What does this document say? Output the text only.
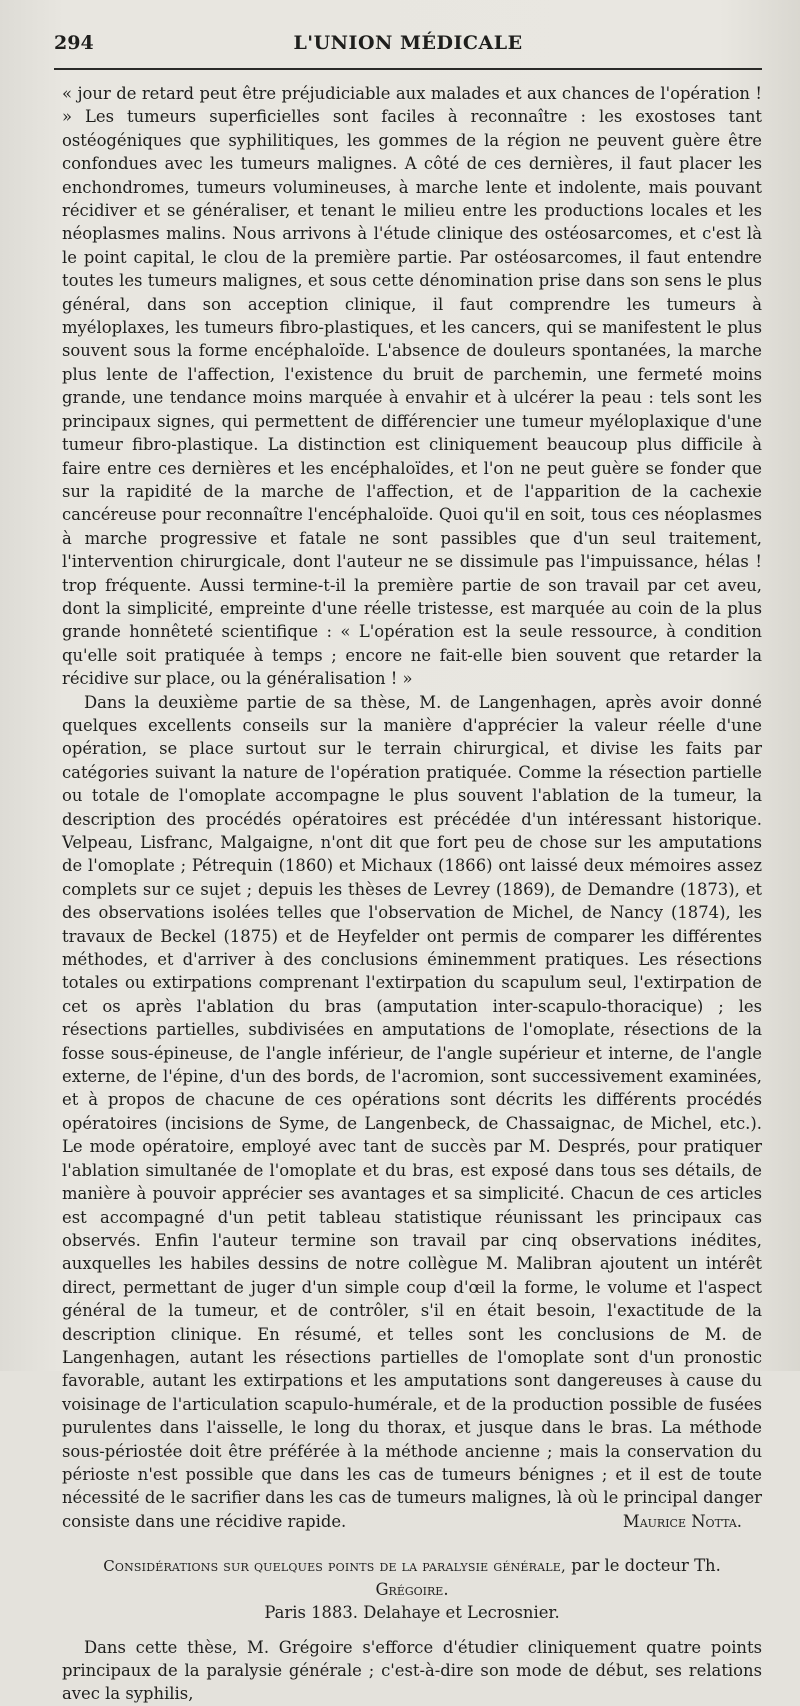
294	L'UNION MÉDICALE

« jour de retard peut être préjudiciable aux malades et aux chances de l'opération ! » Les tumeurs superficielles sont faciles à reconnaître : les exostoses tant ostéogéniques que syphilitiques, les gommes de la région ne peuvent guère être confondues avec les tumeurs malignes. A côté de ces dernières, il faut placer les enchondromes, tumeurs volumineuses, à marche lente et indolente, mais pouvant récidiver et se généraliser, et tenant le milieu entre les productions locales et les néoplasmes malins. Nous arrivons à l'étude clinique des ostéosarcomes, et c'est là le point capital, le clou de la première partie. Par ostéosarcomes, il faut entendre toutes les tumeurs malignes, et sous cette dénomination prise dans son sens le plus général, dans son acception clinique, il faut comprendre les tumeurs à myéloplaxes, les tumeurs fibro-plastiques, et les cancers, qui se manifestent le plus souvent sous la forme encéphaloïde. L'absence de douleurs spontanées, la marche plus lente de l'affection, l'existence du bruit de parchemin, une fermeté moins grande, une tendance moins marquée à envahir et à ulcérer la peau : tels sont les principaux signes, qui permettent de différencier une tumeur myéloplaxique d'une tumeur fibro-plastique. La distinction est cliniquement beaucoup plus difficile à faire entre ces dernières et les encéphaloïdes, et l'on ne peut guère se fonder que sur la rapidité de la marche de l'affection, et de l'apparition de la cachexie cancéreuse pour reconnaître l'encéphaloïde. Quoi qu'il en soit, tous ces néoplasmes à marche progressive et fatale ne sont passibles que d'un seul traitement, l'intervention chirurgicale, dont l'auteur ne se dissimule pas l'impuissance, hélas ! trop fréquente. Aussi termine-t-il la première partie de son travail par cet aveu, dont la simplicité, empreinte d'une réelle tristesse, est marquée au coin de la plus grande honnêteté scientifique : « L'opération est la seule ressource, à condition qu'elle soit pratiquée à temps ; encore ne fait-elle bien souvent que retarder la récidive sur place, ou la généralisation ! »

Dans la deuxième partie de sa thèse, M. de Langenhagen, après avoir donné quelques excellents conseils sur la manière d'apprécier la valeur réelle d'une opération, se place surtout sur le terrain chirurgical, et divise les faits par catégories suivant la nature de l'opération pratiquée. Comme la résection partielle ou totale de l'omoplate accompagne le plus souvent l'ablation de la tumeur, la description des procédés opératoires est précédée d'un intéressant historique. Velpeau, Lisfranc, Malgaigne, n'ont dit que fort peu de chose sur les amputations de l'omoplate ; Pétrequin (1860) et Michaux (1866) ont laissé deux mémoires assez complets sur ce sujet ; depuis les thèses de Levrey (1869), de Demandre (1873), et des observations isolées telles que l'observation de Michel, de Nancy (1874), les travaux de Beckel (1875) et de Heyfelder ont permis de comparer les différentes méthodes, et d'arriver à des conclusions éminemment pratiques. Les résections totales ou extirpations comprenant l'extirpation du scapulum seul, l'extirpation de cet os après l'ablation du bras (amputation inter-scapulo-thoracique) ; les résections partielles, subdivisées en amputations de l'omoplate, résections de la fosse sous-épineuse, de l'angle inférieur, de l'angle supérieur et interne, de l'angle externe, de l'épine, d'un des bords, de l'acromion, sont successivement examinées, et à propos de chacune de ces opérations sont décrits les différents procédés opératoires (incisions de Syme, de Langenbeck, de Chassaignac, de Michel, etc.). Le mode opératoire, employé avec tant de succès par M. Després, pour pratiquer l'ablation simultanée de l'omoplate et du bras, est exposé dans tous ses détails, de manière à pouvoir apprécier ses avantages et sa simplicité. Chacun de ces articles est accompagné d'un petit tableau statistique réunissant les principaux cas observés. Enfin l'auteur termine son travail par cinq observations inédites, auxquelles les habiles dessins de notre collègue M. Malibran ajoutent un intérêt direct, permettant de juger d'un simple coup d'œil la forme, le volume et l'aspect général de la tumeur, et de contrôler, s'il en était besoin, l'exactitude de la description clinique. En résumé, et telles sont les conclusions de M. de Langenhagen, autant les résections partielles de l'omoplate sont d'un pronostic favorable, autant les extirpations et les amputations sont dangereuses à cause du voisinage de l'articulation scapulo-humérale, et de la production possible de fusées purulentes dans l'aisselle, le long du thorax, et jusque dans le bras. La méthode sous-périostée doit être préférée à la méthode ancienne ; mais la conservation du périoste n'est possible que dans les cas de tumeurs bénignes ; et il est de toute nécessité de le sacrifier dans les cas de tumeurs malignes, là où le principal danger consiste dans une récidive rapide.	Maurice Notta.
Considérations sur quelques points de la paralysie générale, par le docteur Th. Grégoire.
Paris 1883. Delahaye et Lecrosnier.

Dans cette thèse, M. Grégoire s'efforce d'étudier cliniquement quatre points principaux de la paralysie générale ; c'est-à-dire son mode de début, ses relations avec la syphilis,
